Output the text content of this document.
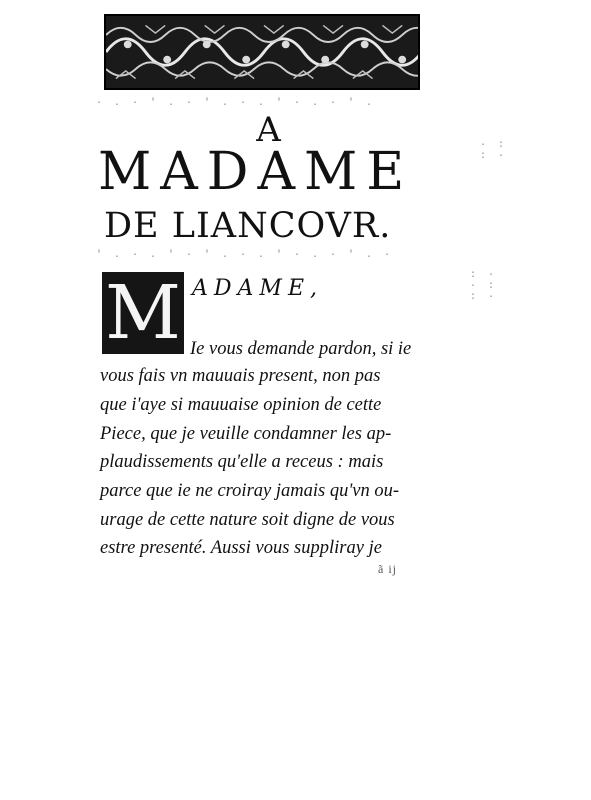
A
MADAME
DE LIANCOVR.
M ADAME,
Ie vous demande pardon, si ie
vous fais vn mauuais present, non pas
que i'aye si mauuaise opinion de cette
Piece, que je veuille condamner les ap-
plaudissements qu'elle a receus : mais
parce que ie ne croiray jamais qu'vn ou-
urage de cette nature soit digne de vous
estre presenté. Aussi vous suppliray je
ã ij
· . · ' . · ' . · . ' · . · ' .
' . · . ' · ' . · . ' · . · ' . ·
: ·
· :
: ·
· :
: ·
